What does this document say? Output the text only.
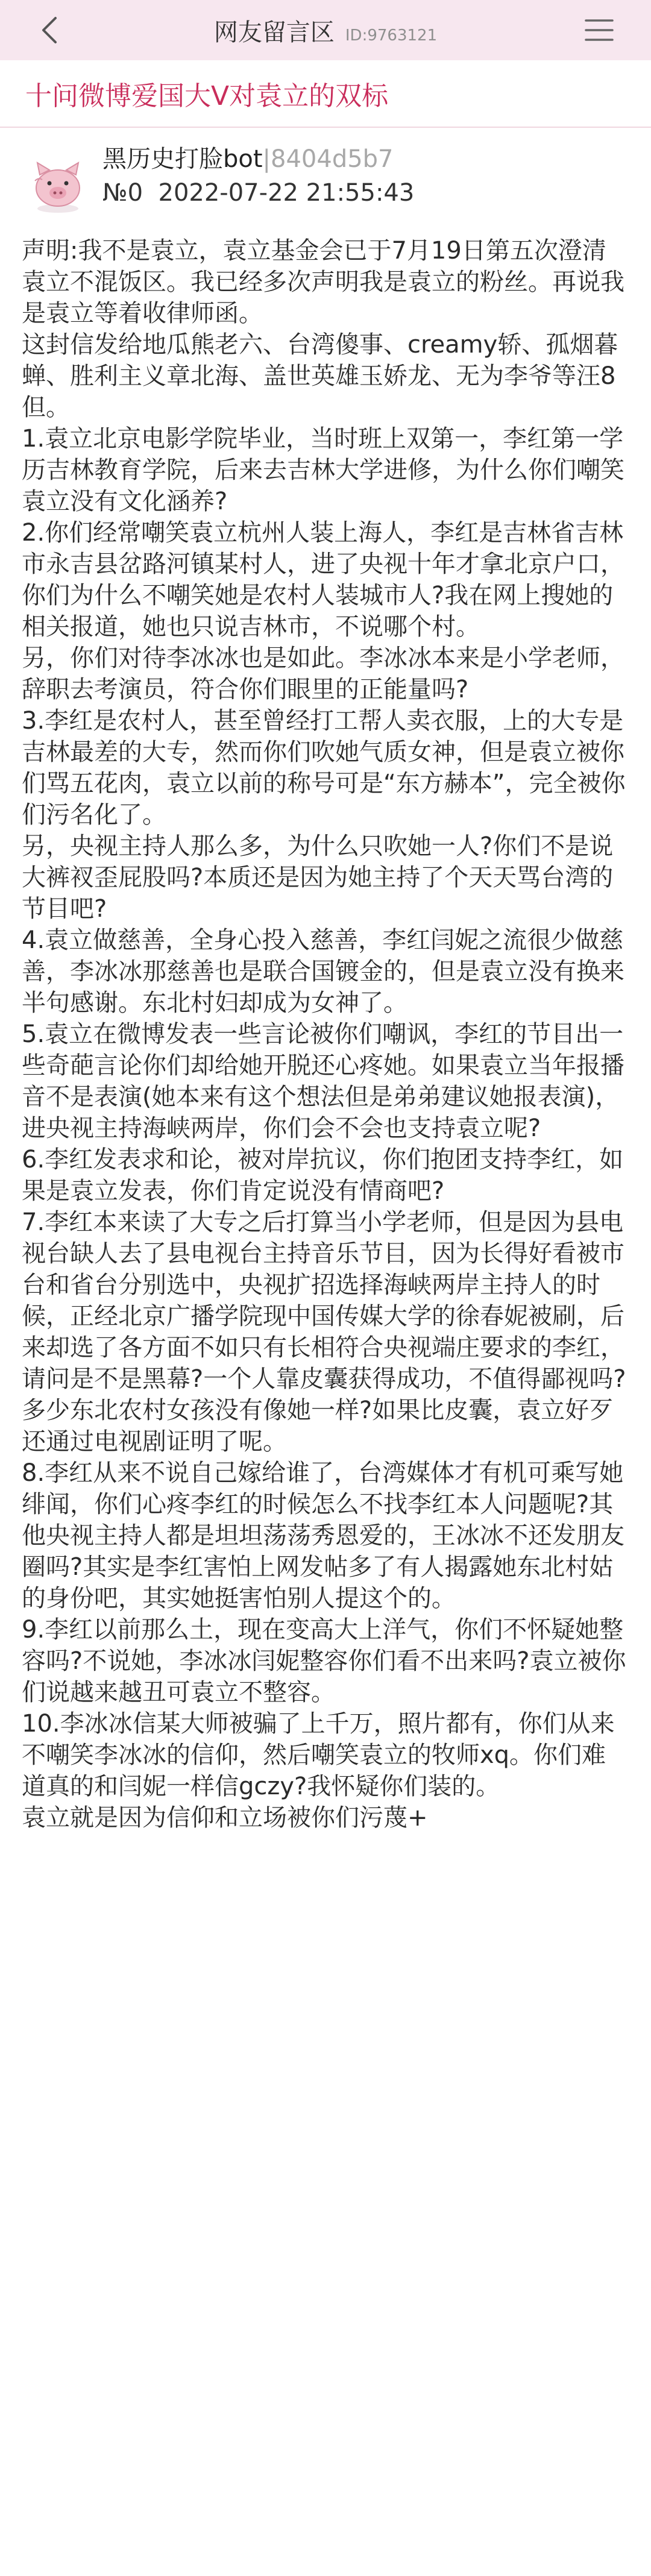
网友留言区 ID:9763121
十问微博爱国大V对袁立的双标
黑历史打脸bot|8404d5b7
№0 2022-07-22 21:55:43

声明:我不是袁立，袁立基金会已于7月19日第五次澄清袁立不混饭区。我已经多次声明我是袁立的粉丝。再说我是袁立等着收律师函。

这封信发给地瓜熊老六、台湾傻事、creamy轿、孤烟暮蝉、胜利主义章北海、盖世英雄玉娇龙、无为李爷等汪8但。

1.袁立北京电影学院毕业，当时班上双第一，李红第一学历吉林教育学院，后来去吉林大学进修，为什么你们嘲笑袁立没有文化涵养?

2.你们经常嘲笑袁立杭州人装上海人，李红是吉林省吉林市永吉县岔路河镇某村人，进了央视十年才拿北京户口，你们为什么不嘲笑她是农村人装城市人?我在网上搜她的相关报道，她也只说吉林市，不说哪个村。

另，你们对待李冰冰也是如此。李冰冰本来是小学老师，辞职去考演员，符合你们眼里的正能量吗?

3.李红是农村人，甚至曾经打工帮人卖衣服，上的大专是吉林最差的大专，然而你们吹她气质女神，但是袁立被你们骂五花肉，袁立以前的称号可是“东方赫本”，完全被你们污名化了。

另，央视主持人那么多，为什么只吹她一人?你们不是说大裤衩歪屁股吗?本质还是因为她主持了个天天骂台湾的节目吧?

4.袁立做慈善，全身心投入慈善，李红闫妮之流很少做慈善，李冰冰那慈善也是联合国镀金的，但是袁立没有换来半句感谢。东北村妇却成为女神了。

5.袁立在微博发表一些言论被你们嘲讽，李红的节目出一些奇葩言论你们却给她开脱还心疼她。如果袁立当年报播音不是表演(她本来有这个想法但是弟弟建议她报表演)，进央视主持海峡两岸，你们会不会也支持袁立呢?

6.李红发表求和论，被对岸抗议，你们抱团支持李红，如果是袁立发表，你们肯定说没有情商吧?

7.李红本来读了大专之后打算当小学老师，但是因为县电视台缺人去了县电视台主持音乐节目，因为长得好看被市台和省台分别选中，央视扩招选择海峡两岸主持人的时候，正经北京广播学院现中国传媒大学的徐春妮被刷，后来却选了各方面不如只有长相符合央视端庄要求的李红，请问是不是黑幕?一个人靠皮囊获得成功，不值得鄙视吗?多少东北农村女孩没有像她一样?如果比皮囊，袁立好歹还通过电视剧证明了呢。

8.李红从来不说自己嫁给谁了，台湾媒体才有机可乘写她绯闻，你们心疼李红的时候怎么不找李红本人问题呢?其他央视主持人都是坦坦荡荡秀恩爱的，王冰冰不还发朋友圈吗?其实是李红害怕上网发帖多了有人揭露她东北村姑的身份吧，其实她挺害怕别人提这个的。

9.李红以前那么土，现在变高大上洋气，你们不怀疑她整容吗?不说她，李冰冰闫妮整容你们看不出来吗?袁立被你们说越来越丑可袁立不整容。

10.李冰冰信某大师被骗了上千万，照片都有，你们从来不嘲笑李冰冰的信仰，然后嘲笑袁立的牧师xq。你们难道真的和闫妮一样信gczy?我怀疑你们装的。

袁立就是因为信仰和立场被你们污蔑+
